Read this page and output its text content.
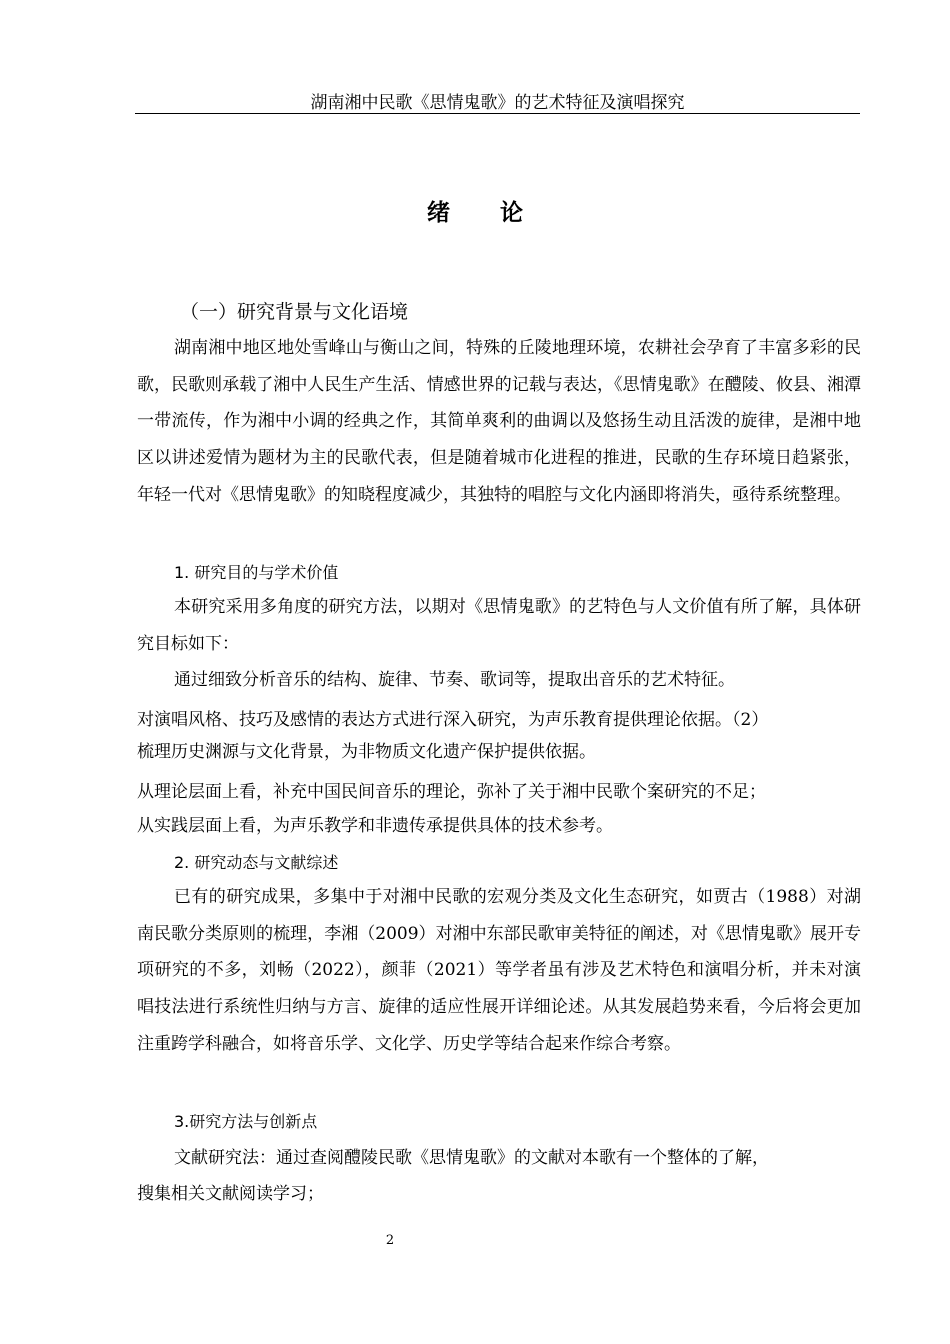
湖南湘中民歌《思情鬼歌》的艺术特征及演唱探究
绪论
（一）研究背景与文化语境
湖南湘中地区地处雪峰山与衡山之间，特殊的丘陵地理环境，农耕社会孕育了丰富多彩的民歌，民歌则承载了湘中人民生产生活、情感世界的记载与表达，《思情鬼歌》在醴陵、攸县、湘潭一带流传，作为湘中小调的经典之作，其简单爽利的曲调以及悠扬生动且活泼的旋律，是湘中地区以讲述爱情为题材为主的民歌代表，但是随着城市化进程的推进，民歌的生存环境日趋紧张，年轻一代对《思情鬼歌》的知晓程度减少，其独特的唱腔与文化内涵即将消失，亟待系统整理。
1. 研究目的与学术价值
本研究采用多角度的研究方法，以期对《思情鬼歌》的艺特色与人文价值有所了解，具体研究目标如下：
通过细致分析音乐的结构、旋律、节奏、歌词等，提取出音乐的艺术特征。
对演唱风格、技巧及感情的表达方式进行深入研究，为声乐教育提供理论依据。（2）
梳理历史渊源与文化背景，为非物质文化遗产保护提供依据。
从理论层面上看，补充中国民间音乐的理论，弥补了关于湘中民歌个案研究的不足；
从实践层面上看，为声乐教学和非遗传承提供具体的技术参考。
2. 研究动态与文献综述
已有的研究成果，多集中于对湘中民歌的宏观分类及文化生态研究，如贾古（1988）对湖南民歌分类原则的梳理，李湘（2009）对湘中东部民歌审美特征的阐述，对《思情鬼歌》展开专项研究的不多，刘畅（2022），颜菲（2021）等学者虽有涉及艺术特色和演唱分析，并未对演唱技法进行系统性归纳与方言、旋律的适应性展开详细论述。从其发展趋势来看，今后将会更加注重跨学科融合，如将音乐学、文化学、历史学等结合起来作综合考察。
3.研究方法与创新点
文献研究法：通过查阅醴陵民歌《思情鬼歌》的文献对本歌有一个整体的了解，
搜集相关文献阅读学习；
2
